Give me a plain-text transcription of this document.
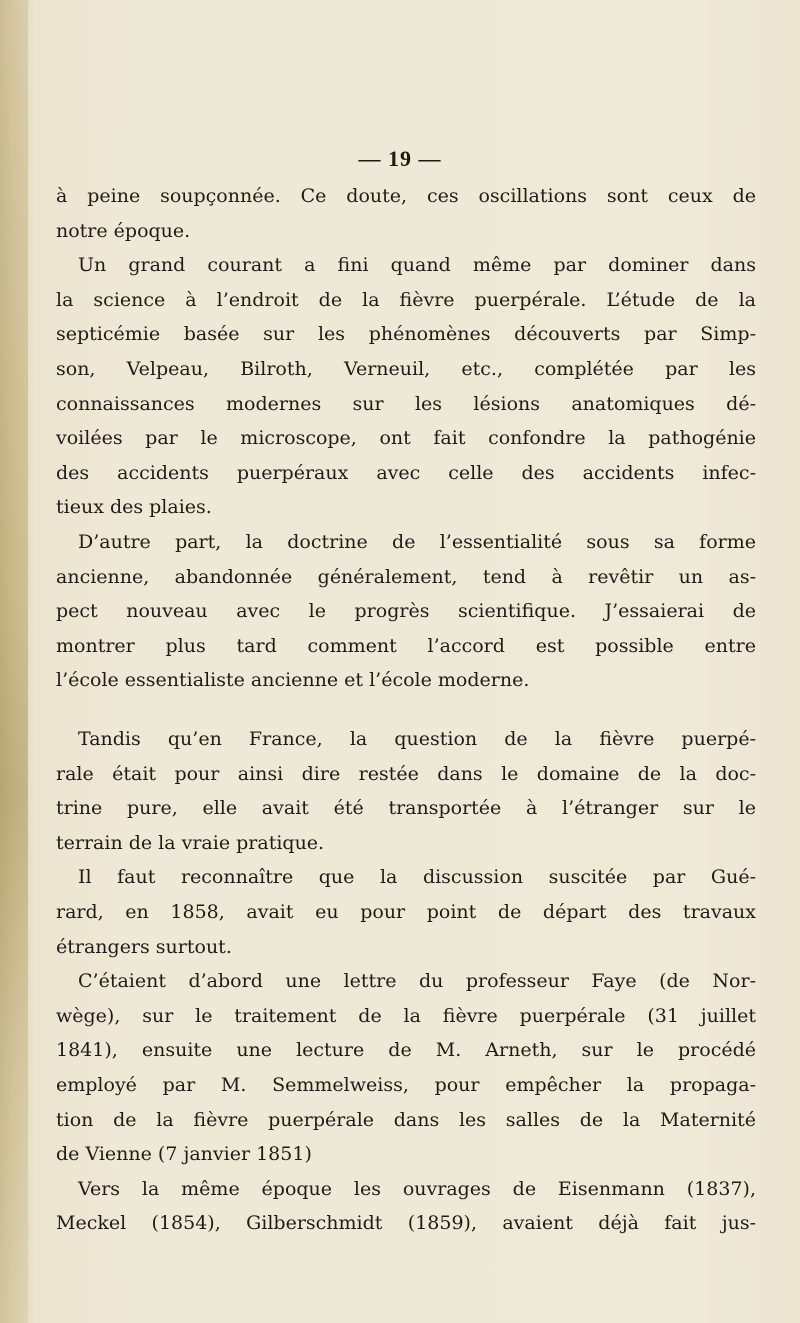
— 19 —
à peine soupçonnée. Ce doute, ces oscillations sont ceux de
notre époque.
Un grand courant a fini quand même par dominer dans
la science à l’endroit de la fièvre puerpérale. L’étude de la
septicémie basée sur les phénomènes découverts par Simp-
son, Velpeau, Bilroth, Verneuil, etc., complétée par les
connaissances modernes sur les lésions anatomiques dé-
voilées par le microscope, ont fait confondre la pathogénie
des accidents puerpéraux avec celle des accidents infec-
tieux des plaies.
D’autre part, la doctrine de l’essentialité sous sa forme
ancienne, abandonnée généralement, tend à revêtir un as-
pect nouveau avec le progrès scientifique. J’essaierai de
montrer plus tard comment l’accord est possible entre
l’école essentialiste ancienne et l’école moderne.
Tandis qu’en France, la question de la fièvre puerpé-
rale était pour ainsi dire restée dans le domaine de la doc-
trine pure, elle avait été transportée à l’étranger sur le
terrain de la vraie pratique.
Il faut reconnaître que la discussion suscitée par Gué-
rard, en 1858, avait eu pour point de départ des travaux
étrangers surtout.
C’étaient d’abord une lettre du professeur Faye (de Nor-
wège), sur le traitement de la fièvre puerpérale (31 juillet
1841), ensuite une lecture de M. Arneth, sur le procédé
employé par M. Semmelweiss, pour empêcher la propaga-
tion de la fièvre puerpérale dans les salles de la Maternité
de Vienne (7 janvier 1851)
Vers la même époque les ouvrages de Eisenmann (1837),
Meckel (1854), Gilberschmidt (1859), avaient déjà fait jus-
